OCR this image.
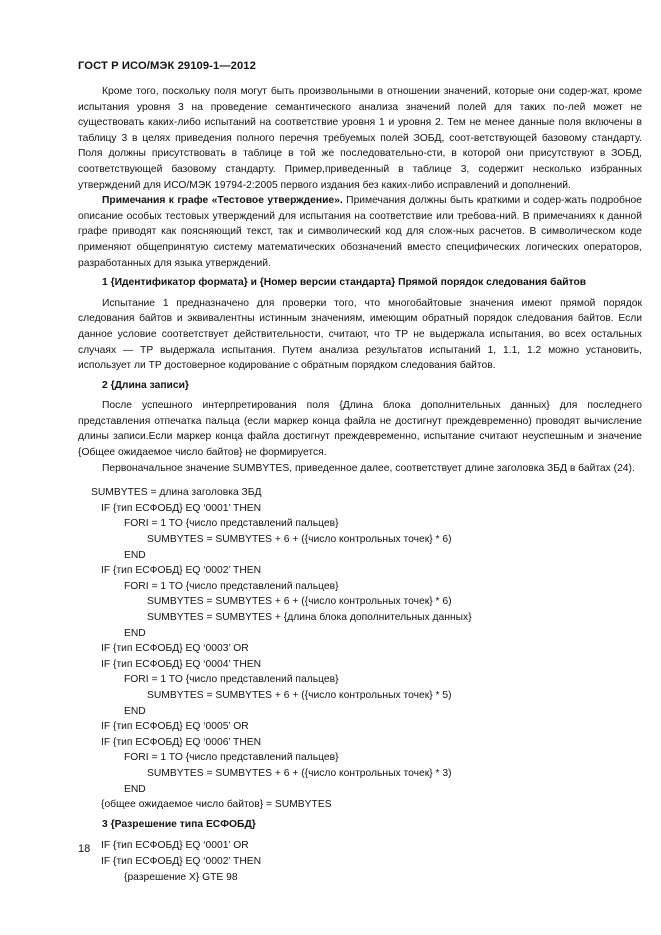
ГОСТ Р ИСО/МЭК 29109-1—2012

Кроме того, поскольку поля могут быть произвольными в отношении значений, которые они содер-жат, кроме испытания уровня 3 на проведение семантического анализа значений полей для таких по-лей может не существовать каких-либо испытаний на соответствие уровня 1 и уровня 2. Тем не менее данные поля включены в таблицу 3 в целях приведения полного перечня требуемых полей ЗОБД, соот-ветствующей базовому стандарту. Поля должны присутствовать в таблице в той же последовательно-сти, в которой они присутствуют в ЗОБД, соответствующей базовому стандарту. Пример,приведенный в таблице 3, содержит несколько избранных утверждений для ИСО/МЭК 19794-2:2005 первого издания без каких-либо исправлений и дополнений.

Примечания к графе «Тестовое утверждение». Примечания должны быть краткими и содер-жать подробное описание особых тестовых утверждений для испытания на соответствие или требова-ний. В примечаниях к данной графе приводят как поясняющий текст, так и символический код для слож-ных расчетов. В символическом коде применяют общепринятую систему математических обозначений вместо специфических логических операторов, разработанных для языка утверждений.

1 {Идентификатор формата} и {Номер версии стандарта} Прямой порядок следования байтов

Испытание 1 предназначено для проверки того, что многобайтовые значения имеют прямой порядок следования байтов и эквивалентны истинным значениям, имеющим обратный порядок следования байтов. Если данное условие соответствует действительности, считают, что ТР не выдержала испытания, во всех остальных случаях — ТР выдержала испытания. Путем анализа результатов испытаний 1, 1.1, 1.2 можно установить, использует ли ТР достоверное кодирование с обратным порядком следования байтов.

2 {Длина записи}

После успешного интерпретирования поля {Длина блока дополнительных данных} для последнего представления отпечатка пальца (если маркер конца файла не достигнут преждевременно) проводят вычисление длины записи.Если маркер конца файла достигнут преждевременно, испытание считают неуспешным и значение {Общее ожидаемое число байтов} не формируется.

Первоначальное значение SUMBYTES, приведенное далее, соответствует длине заголовка ЗБД в байтах (24).

SUMBYTES = длина заголовка ЗБД
IF {тип ЕСФОБД} EQ ‘0001’ THEN
FORI = 1 TO {число представлений пальцев}
SUMBYTES = SUMBYTES + 6 + ({число контрольных точек} * 6)
END
IF {тип ЕСФОБД} EQ ‘0002’ THEN
FORI = 1 TO {число представлений пальцев}
SUMBYTES = SUMBYTES + 6 + ({число контрольных точек} * 6)
SUMBYTES = SUMBYTES + {длина блока дополнительных данных}
END
IF {тип ЕСФОБД} EQ ‘0003’ OR
IF {тип ЕСФОБД} EQ ‘0004’ THEN
FORI = 1 TO {число представлений пальцев}
SUMBYTES = SUMBYTES + 6 + ({число контрольных точек} * 5)
END
IF {тип ЕСФОБД} EQ ‘0005’ OR
IF {тип ЕСФОБД} EQ ‘0006’ THEN
FORI = 1 TO {число представлений пальцев}
SUMBYTES = SUMBYTES + 6 + ({число контрольных точек} * 3)
END
{общее ожидаемое число байтов} = SUMBYTES
3 {Разрешение типа ЕСФОБД}
IF {тип ЕСФОБД} EQ ‘0001’ OR
IF {тип ЕСФОБД} EQ ‘0002’ THEN
{разрешение X} GTE 98
18
